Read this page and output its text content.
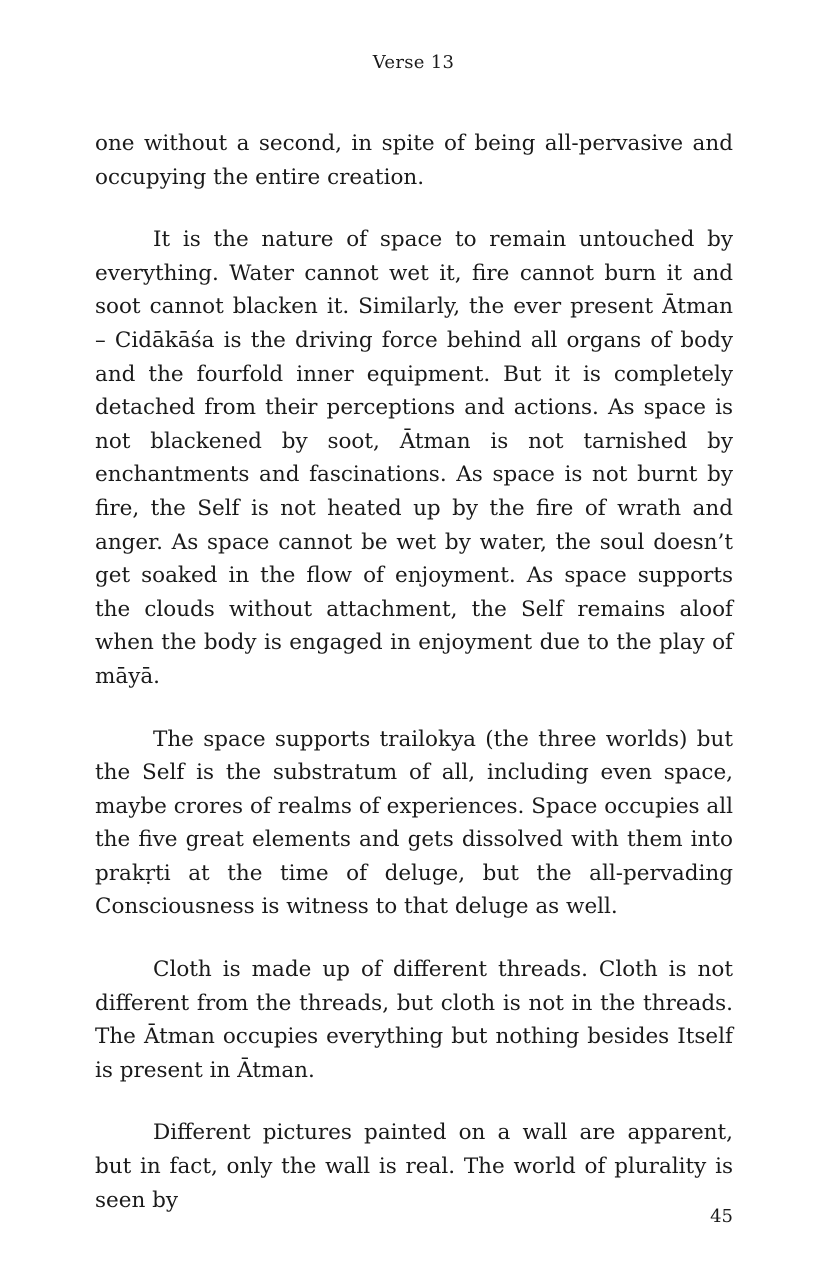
Verse 13

one without a second, in spite of being all-pervasive and occupying the entire creation.

It is the nature of space to remain untouched by everything. Water cannot wet it, fire cannot burn it and soot cannot blacken it. Similarly, the ever present Ātman – Cidākāśa is the driving force behind all organs of body and the fourfold inner equipment. But it is completely detached from their perceptions and actions. As space is not blackened by soot, Ātman is not tarnished by enchantments and fascinations. As space is not burnt by fire, the Self is not heated up by the fire of wrath and anger. As space cannot be wet by water, the soul doesn’t get soaked in the flow of enjoyment. As space supports the clouds without attachment, the Self remains aloof when the body is engaged in enjoyment due to the play of māyā.

The space supports trailokya (the three worlds) but the Self is the substratum of all, including even space, maybe crores of realms of experiences. Space occupies all the five great elements and gets dissolved with them into prakṛti at the time of deluge, but the all-pervading Consciousness is witness to that deluge as well.

Cloth is made up of different threads. Cloth is not different from the threads, but cloth is not in the threads. The Ātman occupies everything but nothing besides Itself is present in Ātman.

Different pictures painted on a wall are apparent, but in fact, only the wall is real. The world of plurality is seen by

45
